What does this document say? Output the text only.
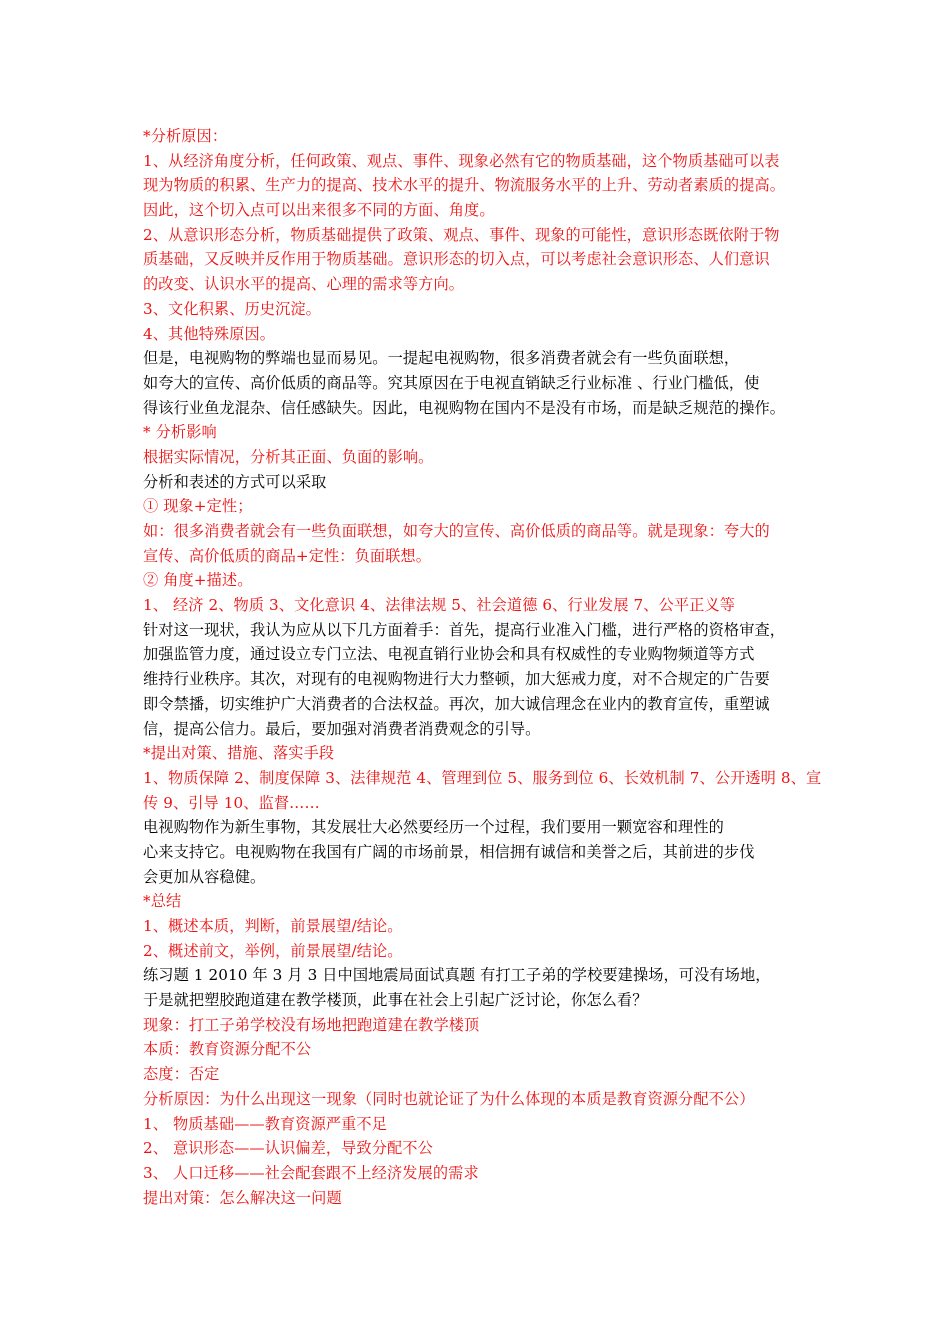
*分析原因：
1、从经济角度分析，任何政策、观点、事件、现象必然有它的物质基础，这个物质基础可以表
现为物质的积累、生产力的提高、技术水平的提升、物流服务水平的上升、劳动者素质的提高。
因此，这个切入点可以出来很多不同的方面、角度。
2、从意识形态分析，物质基础提供了政策、观点、事件、现象的可能性，意识形态既依附于物
质基础，又反映并反作用于物质基础。意识形态的切入点，可以考虑社会意识形态、人们意识
的改变、认识水平的提高、心理的需求等方向。
3、文化积累、历史沉淀。
4、其他特殊原因。
但是，电视购物的弊端也显而易见。一提起电视购物，很多消费者就会有一些负面联想，
如夸大的宣传、高价低质的商品等。究其原因在于电视直销缺乏行业标准 、行业门槛低，使
得该行业鱼龙混杂、信任感缺失。因此，电视购物在国内不是没有市场，而是缺乏规范的操作。
* 分析影响
根据实际情况，分析其正面、负面的影响。
分析和表述的方式可以采取
① 现象+定性；
如：很多消费者就会有一些负面联想，如夸大的宣传、高价低质的商品等。就是现象：夸大的
宣传、高价低质的商品+定性：负面联想。
② 角度+描述。
1、 经济 2、物质 3、文化意识 4、法律法规 5、社会道德 6、行业发展 7、公平正义等
针对这一现状，我认为应从以下几方面着手：首先，提高行业准入门槛，进行严格的资格审查，
加强监管力度，通过设立专门立法、电视直销行业协会和具有权威性的专业购物频道等方式
维持行业秩序。其次，对现有的电视购物进行大力整顿，加大惩戒力度，对不合规定的广告要
即令禁播，切实维护广大消费者的合法权益。再次，加大诚信理念在业内的教育宣传，重塑诚
信，提高公信力。最后，要加强对消费者消费观念的引导。
*提出对策、措施、落实手段
1、物质保障 2、制度保障 3、法律规范 4、管理到位 5、服务到位 6、长效机制 7、公开透明 8、宣
传 9、引导 10、监督……
电视购物作为新生事物，其发展壮大必然要经历一个过程，我们要用一颗宽容和理性的
心来支持它。电视购物在我国有广阔的市场前景，相信拥有诚信和美誉之后，其前进的步伐
会更加从容稳健。
*总结
1、概述本质，判断，前景展望/结论。
2、概述前文，举例，前景展望/结论。
练习题 1 2010 年 3 月 3 日中国地震局面试真题 有打工子弟的学校要建操场，可没有场地，
于是就把塑胶跑道建在教学楼顶，此事在社会上引起广泛讨论，你怎么看？
现象：打工子弟学校没有场地把跑道建在教学楼顶
本质：教育资源分配不公
态度：否定
分析原因：为什么出现这一现象（同时也就论证了为什么体现的本质是教育资源分配不公）
1、 物质基础——教育资源严重不足
2、 意识形态——认识偏差，导致分配不公
3、 人口迁移——社会配套跟不上经济发展的需求
提出对策：怎么解决这一问题
